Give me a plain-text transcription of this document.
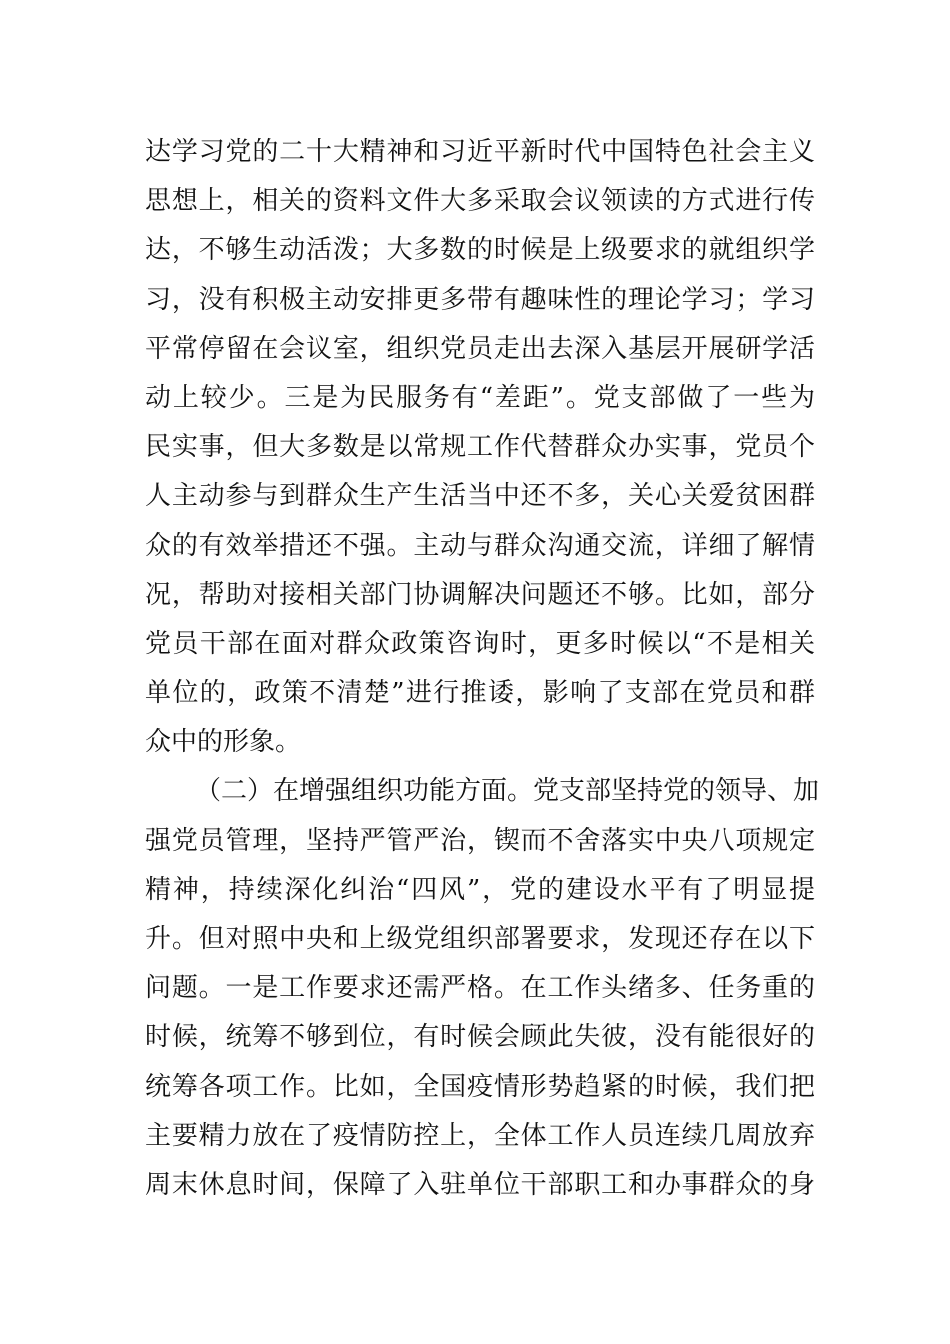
达学习党的二十大精神和习近平新时代中国特色社会主义
思想上，相关的资料文件大多采取会议领读的方式进行传
达，不够生动活泼；大多数的时候是上级要求的就组织学
习，没有积极主动安排更多带有趣味性的理论学习；学习
平常停留在会议室，组织党员走出去深入基层开展研学活
动上较少。三是为民服务有“差距”。党支部做了一些为
民实事，但大多数是以常规工作代替群众办实事，党员个
人主动参与到群众生产生活当中还不多，关心关爱贫困群
众的有效举措还不强。主动与群众沟通交流，详细了解情
况，帮助对接相关部门协调解决问题还不够。比如，部分
党员干部在面对群众政策咨询时，更多时候以“不是相关
单位的，政策不清楚”进行推诿，影响了支部在党员和群
众中的形象。
（二）在增强组织功能方面。党支部坚持党的领导、加
强党员管理，坚持严管严治，锲而不舍落实中央八项规定
精神，持续深化纠治“四风”，党的建设水平有了明显提
升。但对照中央和上级党组织部署要求，发现还存在以下
问题。一是工作要求还需严格。在工作头绪多、任务重的
时候，统筹不够到位，有时候会顾此失彼，没有能很好的
统筹各项工作。比如，全国疫情形势趋紧的时候，我们把
主要精力放在了疫情防控上，全体工作人员连续几周放弃
周末休息时间，保障了入驻单位干部职工和办事群众的身
